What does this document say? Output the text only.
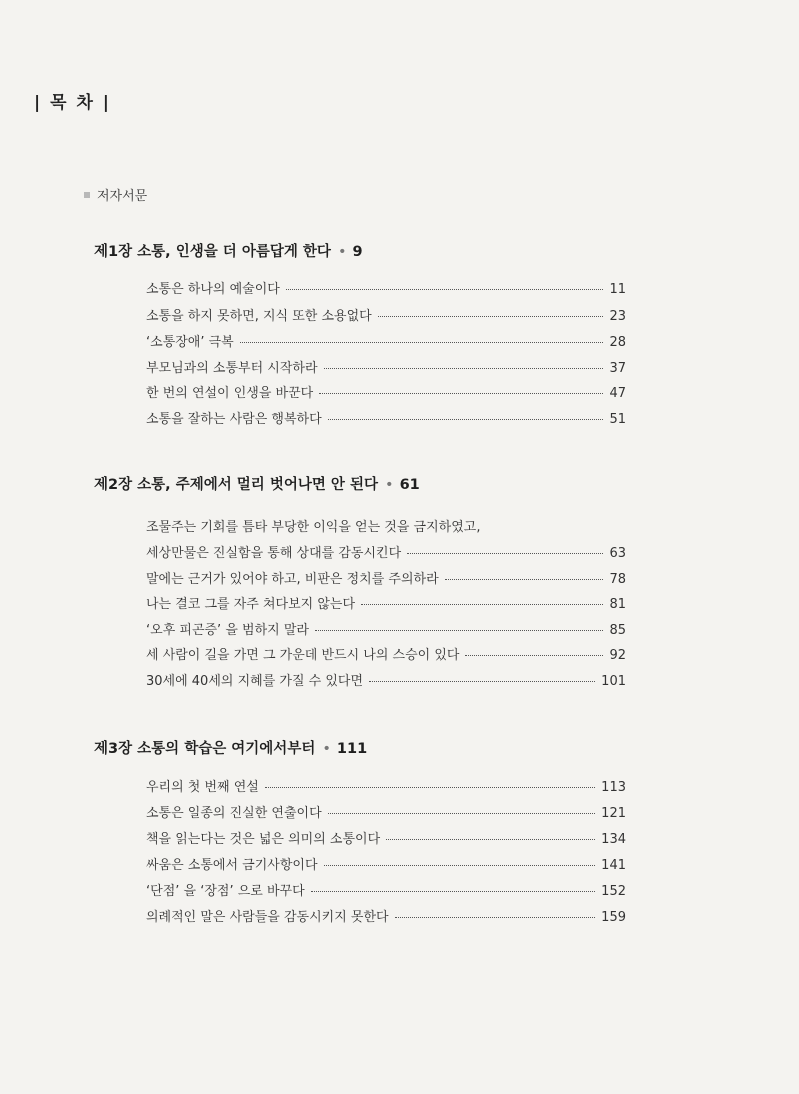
| 목 차 |
저자서문
제1장 소통, 인생을 더 아름답게 한다 • 9
소통은 하나의 예술이다	11
소통을 하지 못하면, 지식 또한 소용없다	23
‘소통장애’ 극복	28
부모님과의 소통부터 시작하라	37
한 번의 연설이 인생을 바꾼다	47
소통을 잘하는 사람은 행복하다	51
제2장 소통, 주제에서 멀리 벗어나면 안 된다 • 61
조물주는 기회를 틈타 부당한 이익을 얻는 것을 금지하였고,
세상만물은 진실함을 통해 상대를 감동시킨다	63
말에는 근거가 있어야 하고, 비판은 정치를 주의하라	78
나는 결코 그를 자주 쳐다보지 않는다	81
‘오후 피곤증’ 을 범하지 말라	85
세 사람이 길을 가면 그 가운데 반드시 나의 스승이 있다	92
30세에 40세의 지혜를 가질 수 있다면	101
제3장 소통의 학습은 여기에서부터 • 111
우리의 첫 번째 연설	113
소통은 일종의 진실한 연출이다	121
책을 읽는다는 것은 넓은 의미의 소통이다	134
싸움은 소통에서 금기사항이다	141
‘단점’ 을 ‘장점’ 으로 바꾸다	152
의례적인 말은 사람들을 감동시키지 못한다	159
